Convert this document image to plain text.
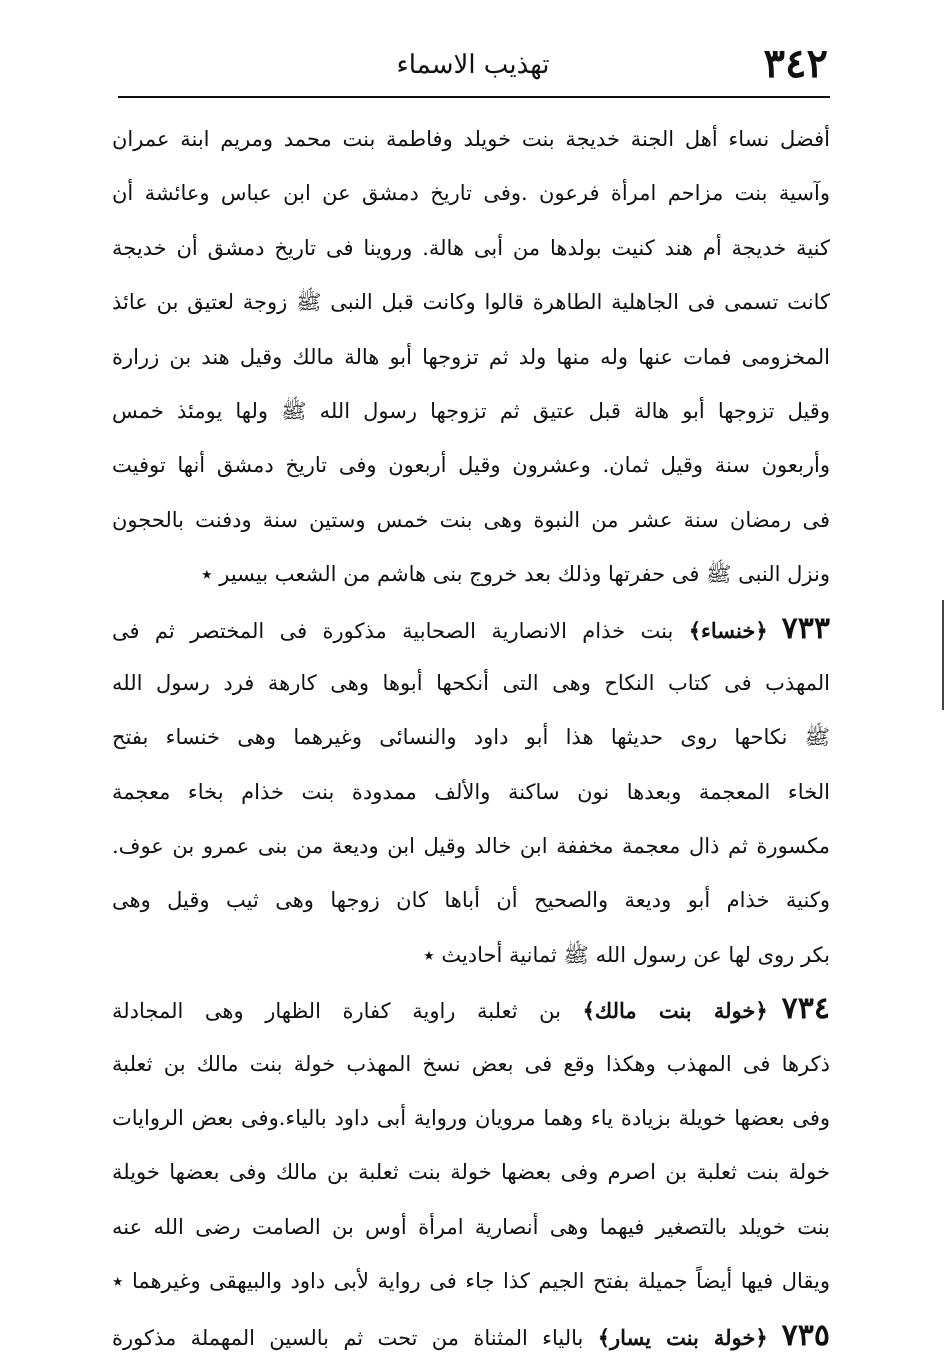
٣٤٢
تهذيب الاسماء
أفضل نساء أهل الجنة خديجة بنت خويلد وفاطمة بنت محمد ومريم ابنة عمران
وآسية بنت مزاحم امرأة فرعون .وفى تاريخ دمشق عن ابن عباس وعائشة أن
كنية خديجة أم هند كنيت بولدها من أبى هالة. وروينا فى تاريخ دمشق أن خديجة
كانت تسمى فى الجاهلية الطاهرة قالوا وكانت قبل النبى ﷺ زوجة لعتيق بن عائذ
المخزومى فمات عنها وله منها ولد ثم تزوجها أبو هالة مالك وقيل هند بن زرارة
وقيل تزوجها أبو هالة قبل عتيق ثم تزوجها رسول الله ﷺ ولها يومئذ خمس
وأربعون سنة وقيل ثمان. وعشرون وقيل أربعون وفى تاريخ دمشق أنها توفيت
فى رمضان سنة عشر من النبوة وهى بنت خمس وستين سنة ودفنت بالحجون
ونزل النبى ﷺ فى حفرتها وذلك بعد خروج بنى هاشم من الشعب بيسير ٭
٧٣٣﴿خنساء﴾ بنت خذام الانصارية الصحابية مذكورة فى المختصر ثم فى
المهذب فى كتاب النكاح وهى التى أنكحها أبوها وهى كارهة فرد رسول الله
ﷺ نكاحها روى حديثها هذا أبو داود والنسائى وغيرهما وهى خنساء بفتح
الخاء المعجمة وبعدها نون ساكنة والألف ممدودة بنت خذام بخاء معجمة
مكسورة ثم ذال معجمة مخففة ابن خالد وقيل ابن وديعة من بنى عمرو بن عوف.
وكنية خذام أبو وديعة والصحيح أن أباها كان زوجها وهى ثيب وقيل وهى
بكر روى لها عن رسول الله ﷺ ثمانية أحاديث ٭
٧٣٤﴿خولة بنت مالك﴾ بن ثعلبة راوية كفارة الظهار وهى المجادلة
ذكرها فى المهذب وهكذا وقع فى بعض نسخ المهذب خولة بنت مالك بن ثعلبة
وفى بعضها خويلة بزيادة ياء وهما مرويان ورواية أبى داود بالياء.وفى بعض الروايات
خولة بنت ثعلبة بن اصرم وفى بعضها خولة بنت ثعلبة بن مالك وفى بعضها خويلة
بنت خويلد بالتصغير فيهما وهى أنصارية امرأة أوس بن الصامت رضى الله عنه
ويقال فيها أيضاً جميلة بفتح الجيم كذا جاء فى رواية لأبى داود والبيهقى وغيرهما ٭
٧٣٥﴿خولة بنت يسار﴾ بالياء المثناة من تحت ثم بالسين المهملة مذكورة
